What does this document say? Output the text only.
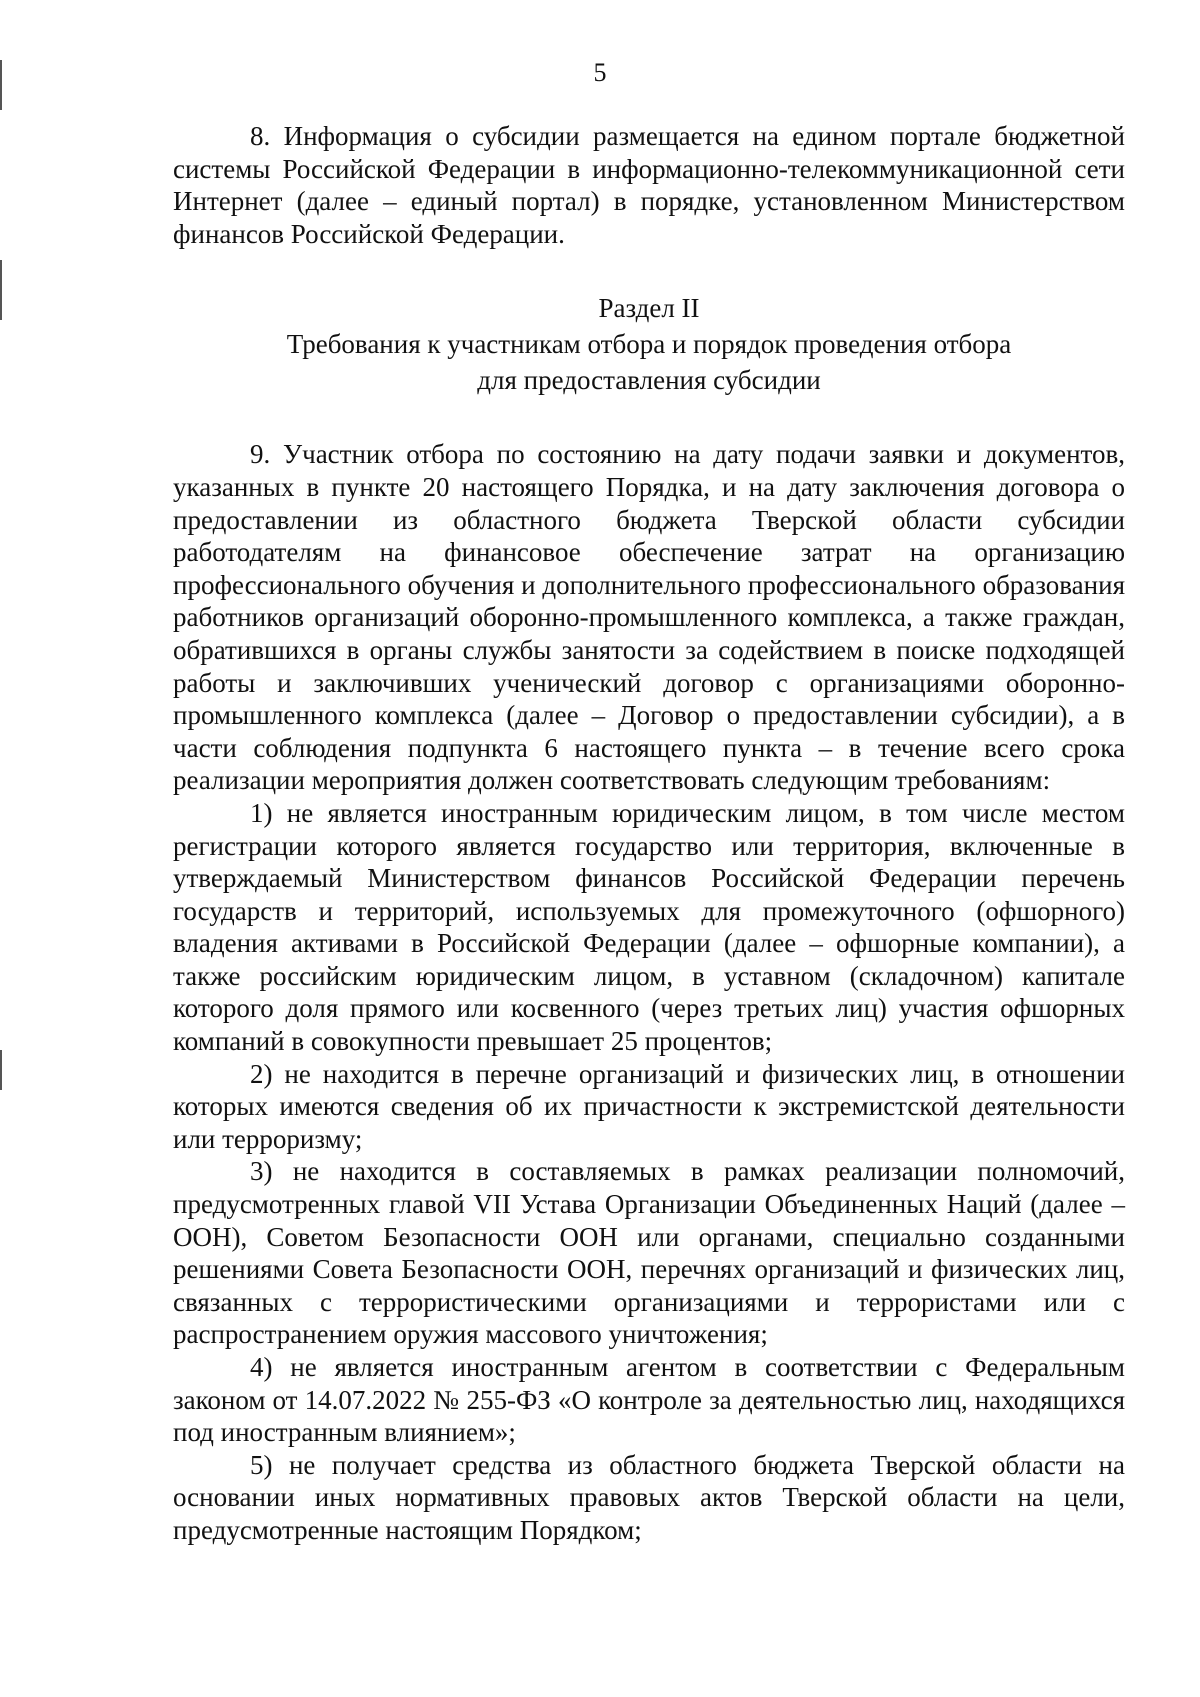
5

8. Информация о субсидии размещается на едином портале бюджетной системы Российской Федерации в информационно-телекоммуникационной сети Интернет (далее – единый портал) в порядке, установленном Министерством финансов Российской Федерации.

Раздел II
Требования к участникам отбора и порядок проведения отбора
для предоставления субсидии

9. Участник отбора по состоянию на дату подачи заявки и документов, указанных в пункте 20 настоящего Порядка, и на дату заключения договора о предоставлении из областного бюджета Тверской области субсидии работодателям на финансовое обеспечение затрат на организацию профессионального обучения и дополнительного профессионального образования работников организаций оборонно-промышленного комплекса, а также граждан, обратившихся в органы службы занятости за содействием в поиске подходящей работы и заключивших ученический договор с организациями оборонно-промышленного комплекса (далее – Договор о предоставлении субсидии), а в части соблюдения подпункта 6 настоящего пункта – в течение всего срока реализации мероприятия должен соответствовать следующим требованиям:

1) не является иностранным юридическим лицом, в том числе местом регистрации которого является государство или территория, включенные в утверждаемый Министерством финансов Российской Федерации перечень государств и территорий, используемых для промежуточного (офшорного) владения активами в Российской Федерации (далее – офшорные компании), а также российским юридическим лицом, в уставном (складочном) капитале которого доля прямого или косвенного (через третьих лиц) участия офшорных компаний в совокупности превышает 25 процентов;

2) не находится в перечне организаций и физических лиц, в отношении которых имеются сведения об их причастности к экстремистской деятельности или терроризму;

3) не находится в составляемых в рамках реализации полномочий, предусмотренных главой VII Устава Организации Объединенных Наций (далее – ООН), Советом Безопасности ООН или органами, специально созданными решениями Совета Безопасности ООН, перечнях организаций и физических лиц, связанных с террористическими организациями и террористами или с распространением оружия массового уничтожения;

4) не является иностранным агентом в соответствии с Федеральным законом от 14.07.2022 № 255-ФЗ «О контроле за деятельностью лиц, находящихся под иностранным влиянием»;

5) не получает средства из областного бюджета Тверской области на основании иных нормативных правовых актов Тверской области на цели, предусмотренные настоящим Порядком;
